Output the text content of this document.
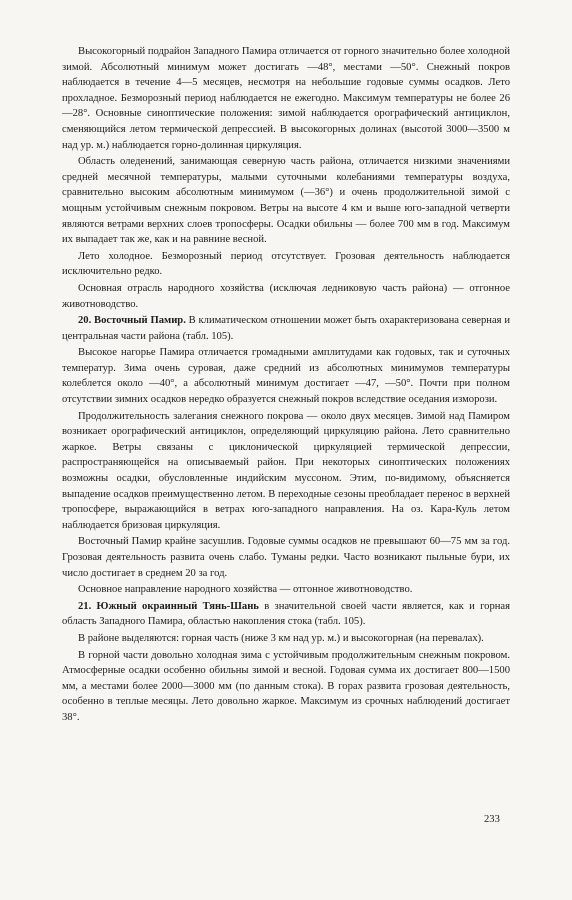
Высокогорный подрайон Западного Памира отличается от горного значительно более холодной зимой. Абсолютный минимум может достигать —48°, местами —50°. Снежный покров наблюдается в течение 4—5 месяцев, несмотря на небольшие годовые суммы осадков. Лето прохладное. Безморозный период наблюдается не ежегодно. Максимум температуры не более 26—28°. Основные синоптические положения: зимой наблюдается орографический антициклон, сменяющийся летом термической депрессией. В высокогорных долинах (высотой 3000—3500 м над ур. м.) наблюдается горно-долинная циркуляция.

Область оледенений, занимающая северную часть района, отличается низкими значениями средней месячной температуры, малыми суточными колебаниями температуры воздуха, сравнительно высоким абсолютным минимумом (—36°) и очень продолжительной зимой с мощным устойчивым снежным покровом. Ветры на высоте 4 км и выше юго-западной четверти являются ветрами верхних слоев тропосферы. Осадки обильны — более 700 мм в год. Максимум их выпадает так же, как и на равнине весной.

Лето холодное. Безморозный период отсутствует. Грозовая деятельность наблюдается исключительно редко.

Основная отрасль народного хозяйства (исключая ледниковую часть района) — отгонное животноводство.

20. Восточный Памир. В климатическом отношении может быть охарактеризована северная и центральная части района (табл. 105).

Высокое нагорье Памира отличается громадными амплитудами как годовых, так и суточных температур. Зима очень суровая, даже средний из абсолютных минимумов температуры колеблется около —40°, а абсолютный минимум достигает —47, —50°. Почти при полном отсутствии зимних осадков нередко образуется снежный покров вследствие оседания изморози.

Продолжительность залегания снежного покрова — около двух месяцев. Зимой над Памиром возникает орографический антициклон, определяющий циркуляцию района. Лето сравнительно жаркое. Ветры связаны с циклонической циркуляцией термической депрессии, распространяющейся на описываемый район. При некоторых синоптических положениях возможны осадки, обусловленные индийским муссоном. Этим, по-видимому, объясняется выпадение осадков преимущественно летом. В переходные сезоны преобладает перенос в верхней тропосфере, выражающийся в ветрах юго-западного направления. На оз. Кара-Куль летом наблюдается бризовая циркуляция.

Восточный Памир крайне засушлив. Годовые суммы осадков не превышают 60—75 мм за год. Грозовая деятельность развита очень слабо. Туманы редки. Часто возникают пыльные бури, их число достигает в среднем 20 за год.

Основное направление народного хозяйства — отгонное животноводство.

21. Южный окраинный Тянь-Шань в значительной своей части является, как и горная область Западного Памира, областью накопления стока (табл. 105).

В районе выделяются: горная часть (ниже 3 км над ур. м.) и высокогорная (на перевалах).

В горной части довольно холодная зима с устойчивым продолжительным снежным покровом. Атмосферные осадки особенно обильны зимой и весной. Годовая сумма их достигает 800—1500 мм, а местами более 2000—3000 мм (по данным стока). В горах развита грозовая деятельность, особенно в теплые месяцы. Лето довольно жаркое. Максимум из срочных наблюдений достигает 38°.

233
